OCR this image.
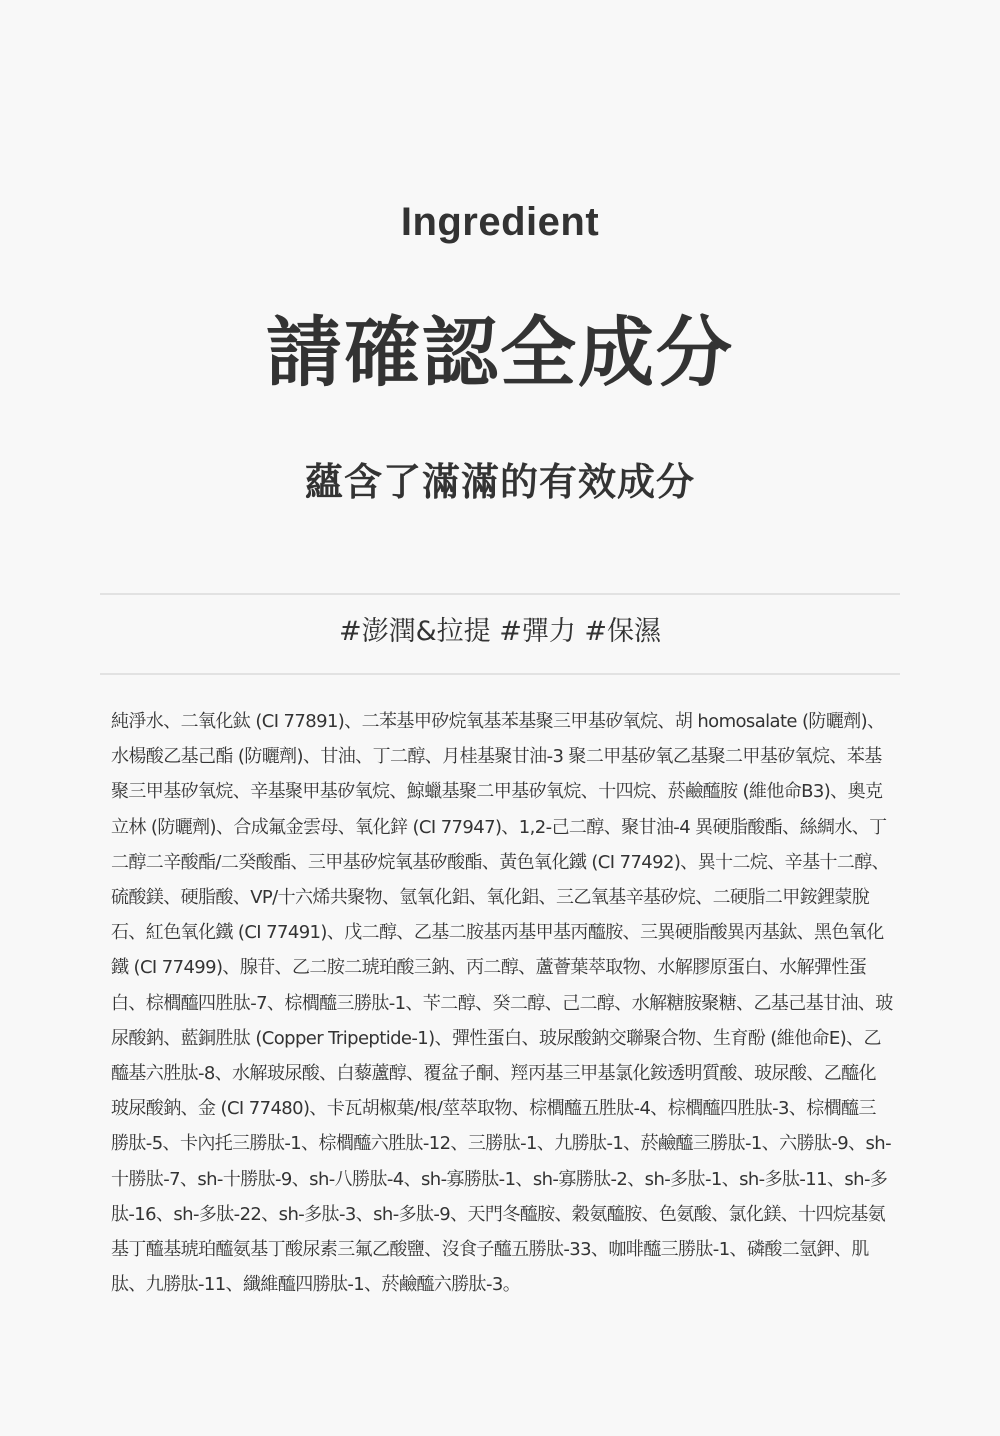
Ingredient
請確認全成分
蘊含了滿滿的有效成分
#澎潤&拉提 #彈力 #保濕

純淨水、二氧化鈦 (CI 77891)、二苯基甲矽烷氧基苯基聚三甲基矽氧烷、胡 homosalate (防曬劑)、水楊酸乙基己酯 (防曬劑)、甘油、丁二醇、月桂基聚甘油-3 聚二甲基矽氧乙基聚二甲基矽氧烷、苯基聚三甲基矽氧烷、辛基聚甲基矽氧烷、鯨蠟基聚二甲基矽氧烷、十四烷、菸鹼醯胺 (維他命B3)、奧克立林 (防曬劑)、合成氟金雲母、氧化鋅 (CI 77947)、1,2-己二醇、聚甘油-4 異硬脂酸酯、絲綢水、丁二醇二辛酸酯/二癸酸酯、三甲基矽烷氧基矽酸酯、黃色氧化鐵 (CI 77492)、異十二烷、辛基十二醇、硫酸鎂、硬脂酸、VP/十六烯共聚物、氫氧化鋁、氧化鋁、三乙氧基辛基矽烷、二硬脂二甲銨鋰蒙脫石、紅色氧化鐵 (CI 77491)、戊二醇、乙基二胺基丙基甲基丙醯胺、三異硬脂酸異丙基鈦、黑色氧化鐵 (CI 77499)、腺苷、乙二胺二琥珀酸三鈉、丙二醇、蘆薈葉萃取物、水解膠原蛋白、水解彈性蛋白、棕櫚醯四胜肽-7、棕櫚醯三勝肽-1、苄二醇、癸二醇、己二醇、水解糖胺聚糖、乙基己基甘油、玻尿酸鈉、藍銅胜肽 (Copper Tripeptide-1)、彈性蛋白、玻尿酸鈉交聯聚合物、生育酚 (維他命E)、乙醯基六胜肽-8、水解玻尿酸、白藜蘆醇、覆盆子酮、羥丙基三甲基氯化銨透明質酸、玻尿酸、乙醯化玻尿酸鈉、金 (CI 77480)、卡瓦胡椒葉/根/莖萃取物、棕櫚醯五胜肽-4、棕櫚醯四胜肽-3、棕櫚醯三勝肽-5、卡內托三勝肽-1、棕櫚醯六胜肽-12、三勝肽-1、九勝肽-1、菸鹼醯三勝肽-1、六勝肽-9、sh-十勝肽-7、sh-十勝肽-9、sh-八勝肽-4、sh-寡勝肽-1、sh-寡勝肽-2、sh-多肽-1、sh-多肽-11、sh-多肽-16、sh-多肽-22、sh-多肽-3、sh-多肽-9、天門冬醯胺、穀氨醯胺、色氨酸、氯化鎂、十四烷基氨基丁醯基琥珀醯氨基丁酸尿素三氟乙酸鹽、沒食子醯五勝肽-33、咖啡醯三勝肽-1、磷酸二氫鉀、肌肽、九勝肽-11、纖維醯四勝肽-1、菸鹼醯六勝肽-3。
